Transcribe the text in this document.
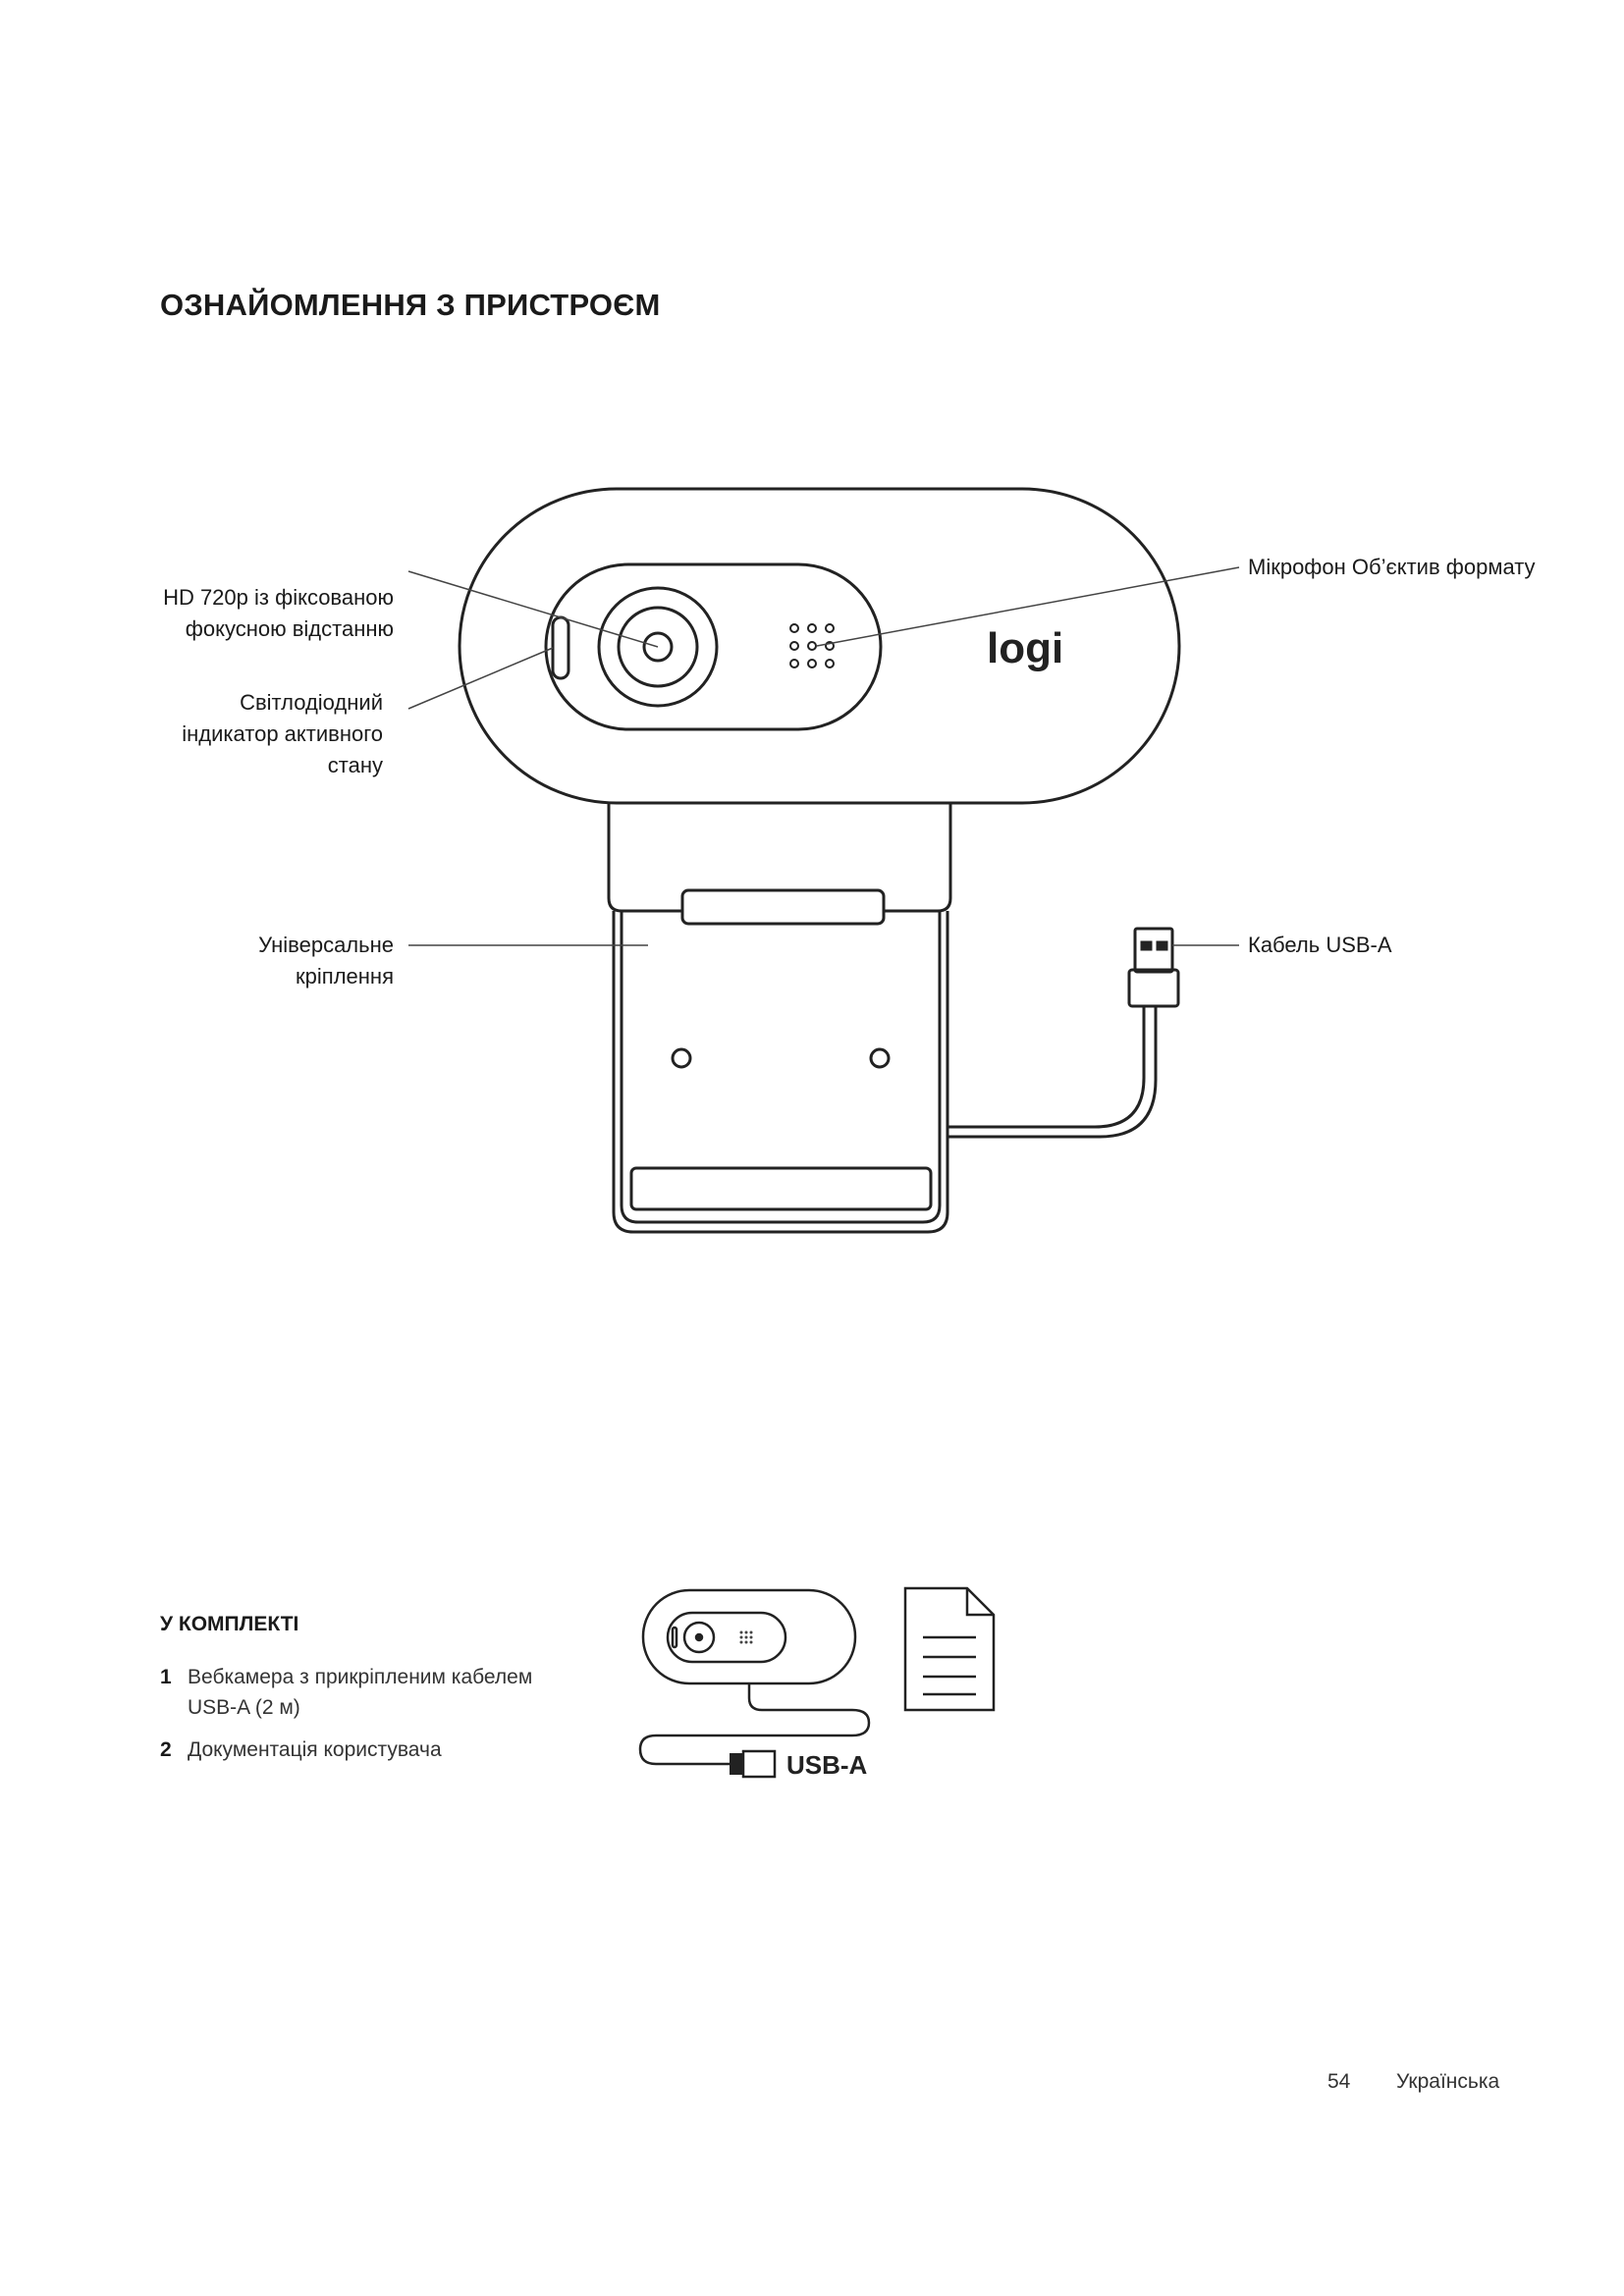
ОЗНАЙОМЛЕННЯ З ПРИСТРОЄМ
logi
USB-A
HD 720p із фіксованою
фокусною відстанню
Світлодіодний
індикатор активного
стану
Універсальне
кріплення
Мікрофон Об’єктив формату
Кабель USB-A
У КОМПЛЕКТІ
1 Вебкамера з прикріпленим кабелем
USB-A (2 м)
2 Документація користувача
54 Українська
